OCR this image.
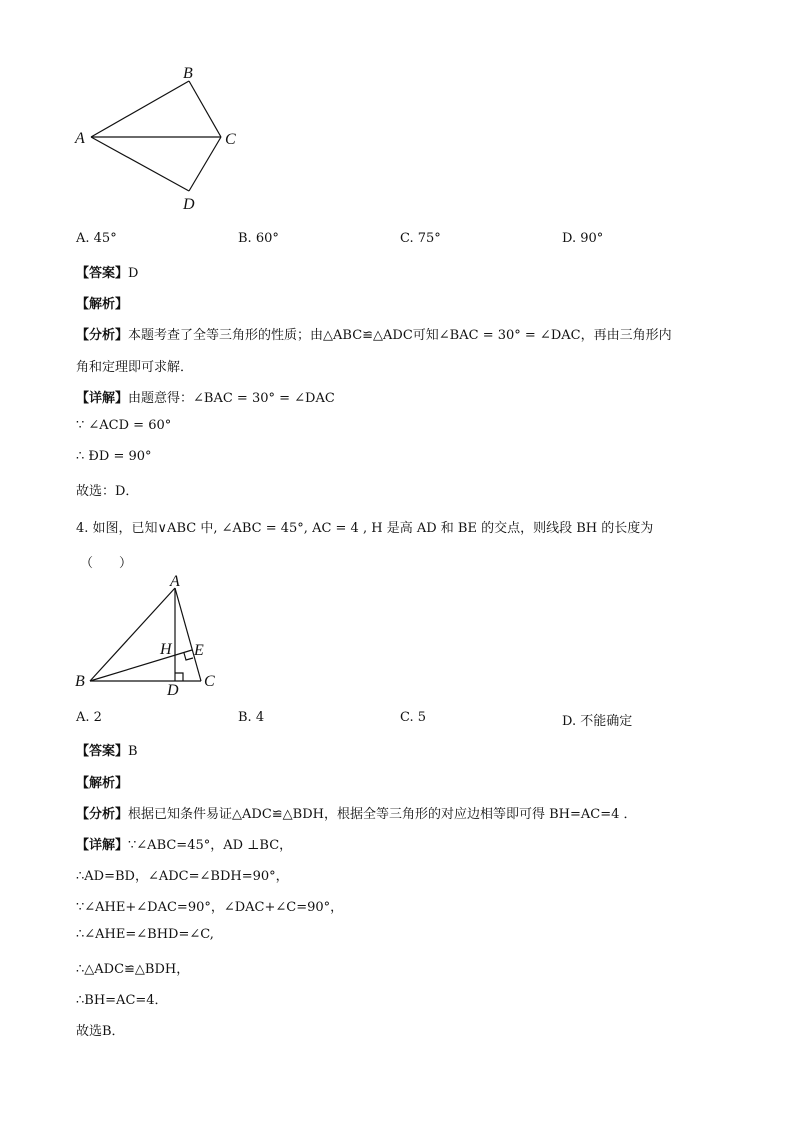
A
B
C
D
A. 45°	B. 60°	C. 75°	D. 90°
【答案】D
【解析】
【分析】本题考查了全等三角形的性质；由△ABC≌△ADC可知∠BAC = 30° = ∠DAC，再由三角形内
角和定理即可求解．
【详解】由题意得：∠BAC = 30° = ∠DAC
∵ ∠ACD = 60°
∴ ÐD = 90°
故选：D．
4. 如图，已知∨ABC 中, ∠ABC = 45°, AC = 4 , H 是高 AD 和 BE 的交点，则线段 BH 的长度为
（　　）
A
B	C
D
E
H
A. 2	B. 4	C. 5	D. 不能确定
【答案】B
【解析】
【分析】根据已知条件易证△ADC≌△BDH，根据全等三角形的对应边相等即可得 BH=AC=4 ．
【详解】∵∠ABC=45°，AD ⊥BC，
∴AD=BD，∠ADC=∠BDH=90°，
∵∠AHE+∠DAC=90°，∠DAC+∠C=90°，
∴∠AHE=∠BHD=∠C,
∴△ADC≌△BDH，
∴BH=AC=4．
故选B．
